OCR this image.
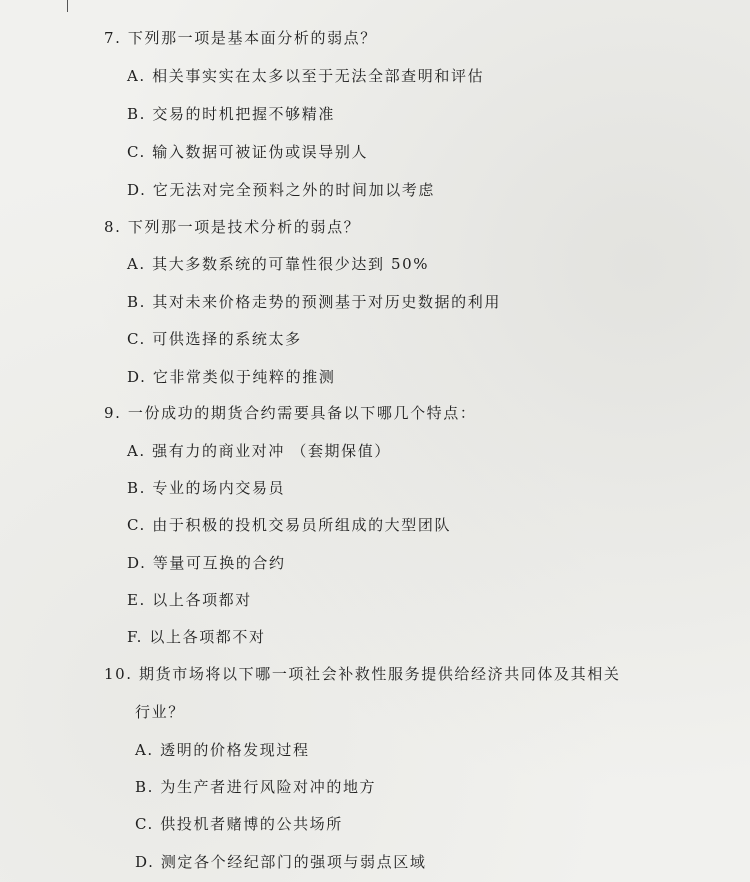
7. 下列那一项是基本面分析的弱点？
A. 相关事实实在太多以至于无法全部查明和评估
B. 交易的时机把握不够精准
C. 输入数据可被证伪或误导别人
D. 它无法对完全预料之外的时间加以考虑
8. 下列那一项是技术分析的弱点？
A. 其大多数系统的可靠性很少达到 50%
B. 其对未来价格走势的预测基于对历史数据的利用
C. 可供选择的系统太多
D. 它非常类似于纯粹的推测
9. 一份成功的期货合约需要具备以下哪几个特点：
A. 强有力的商业对冲 （套期保值）
B. 专业的场内交易员
C. 由于积极的投机交易员所组成的大型团队
D. 等量可互换的合约
E. 以上各项都对
F. 以上各项都不对
10. 期货市场将以下哪一项社会补救性服务提供给经济共同体及其相关
行业？
A. 透明的价格发现过程
B. 为生产者进行风险对冲的地方
C. 供投机者赌博的公共场所
D. 测定各个经纪部门的强项与弱点区域
